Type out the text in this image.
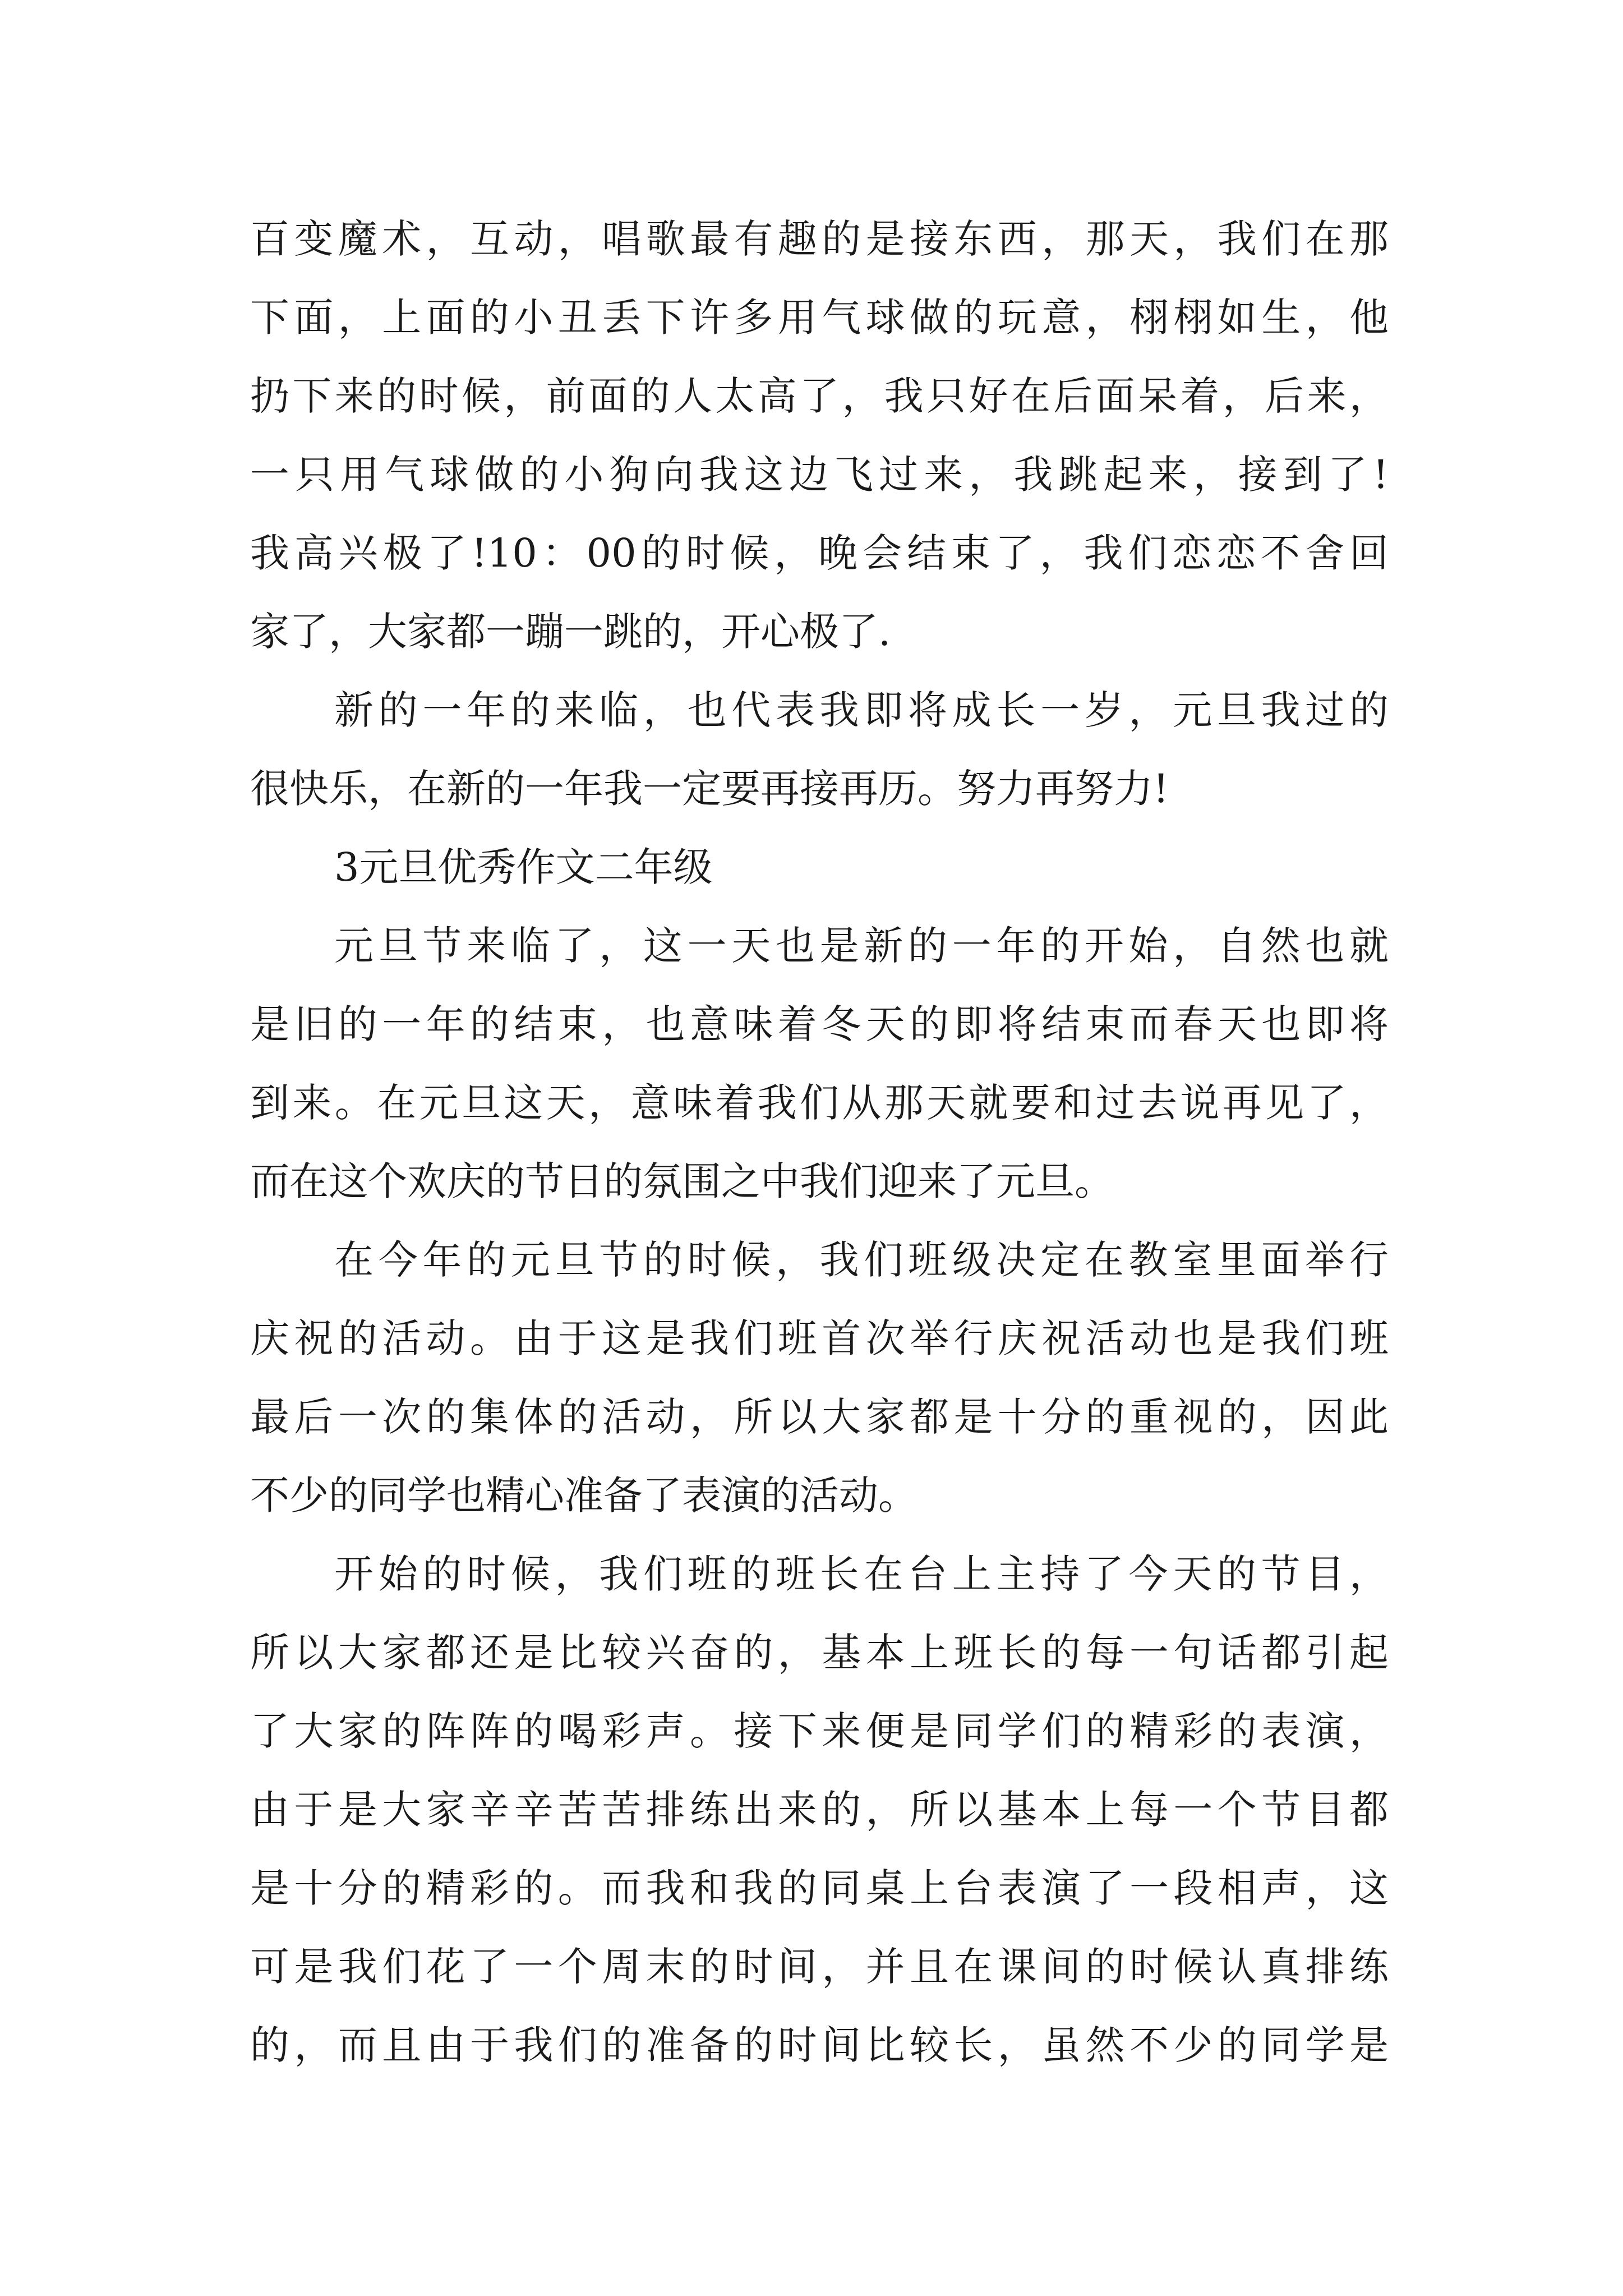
百变魔术，互动，唱歌最有趣的是接东西，那天，我们在那
下面，上面的小丑丢下许多用气球做的玩意，栩栩如生，他
扔下来的时候，前面的人太高了，我只好在后面呆着，后来，
一只用气球做的小狗向我这边飞过来，我跳起来，接到了!
我高兴极了!10：00的时候，晚会结束了，我们恋恋不舍回
家了，大家都一蹦一跳的，开心极了.
新的一年的来临，也代表我即将成长一岁，元旦我过的
很快乐，在新的一年我一定要再接再历。努力再努力!
3元旦优秀作文二年级
元旦节来临了，这一天也是新的一年的开始，自然也就
是旧的一年的结束，也意味着冬天的即将结束而春天也即将
到来。在元旦这天，意味着我们从那天就要和过去说再见了，
而在这个欢庆的节日的氛围之中我们迎来了元旦。
在今年的元旦节的时候，我们班级决定在教室里面举行
庆祝的活动。由于这是我们班首次举行庆祝活动也是我们班
最后一次的集体的活动，所以大家都是十分的重视的，因此
不少的同学也精心准备了表演的活动。
开始的时候，我们班的班长在台上主持了今天的节目，
所以大家都还是比较兴奋的，基本上班长的每一句话都引起
了大家的阵阵的喝彩声。接下来便是同学们的精彩的表演，
由于是大家辛辛苦苦排练出来的，所以基本上每一个节目都
是十分的精彩的。而我和我的同桌上台表演了一段相声，这
可是我们花了一个周末的时间，并且在课间的时候认真排练
的，而且由于我们的准备的时间比较长，虽然不少的同学是
